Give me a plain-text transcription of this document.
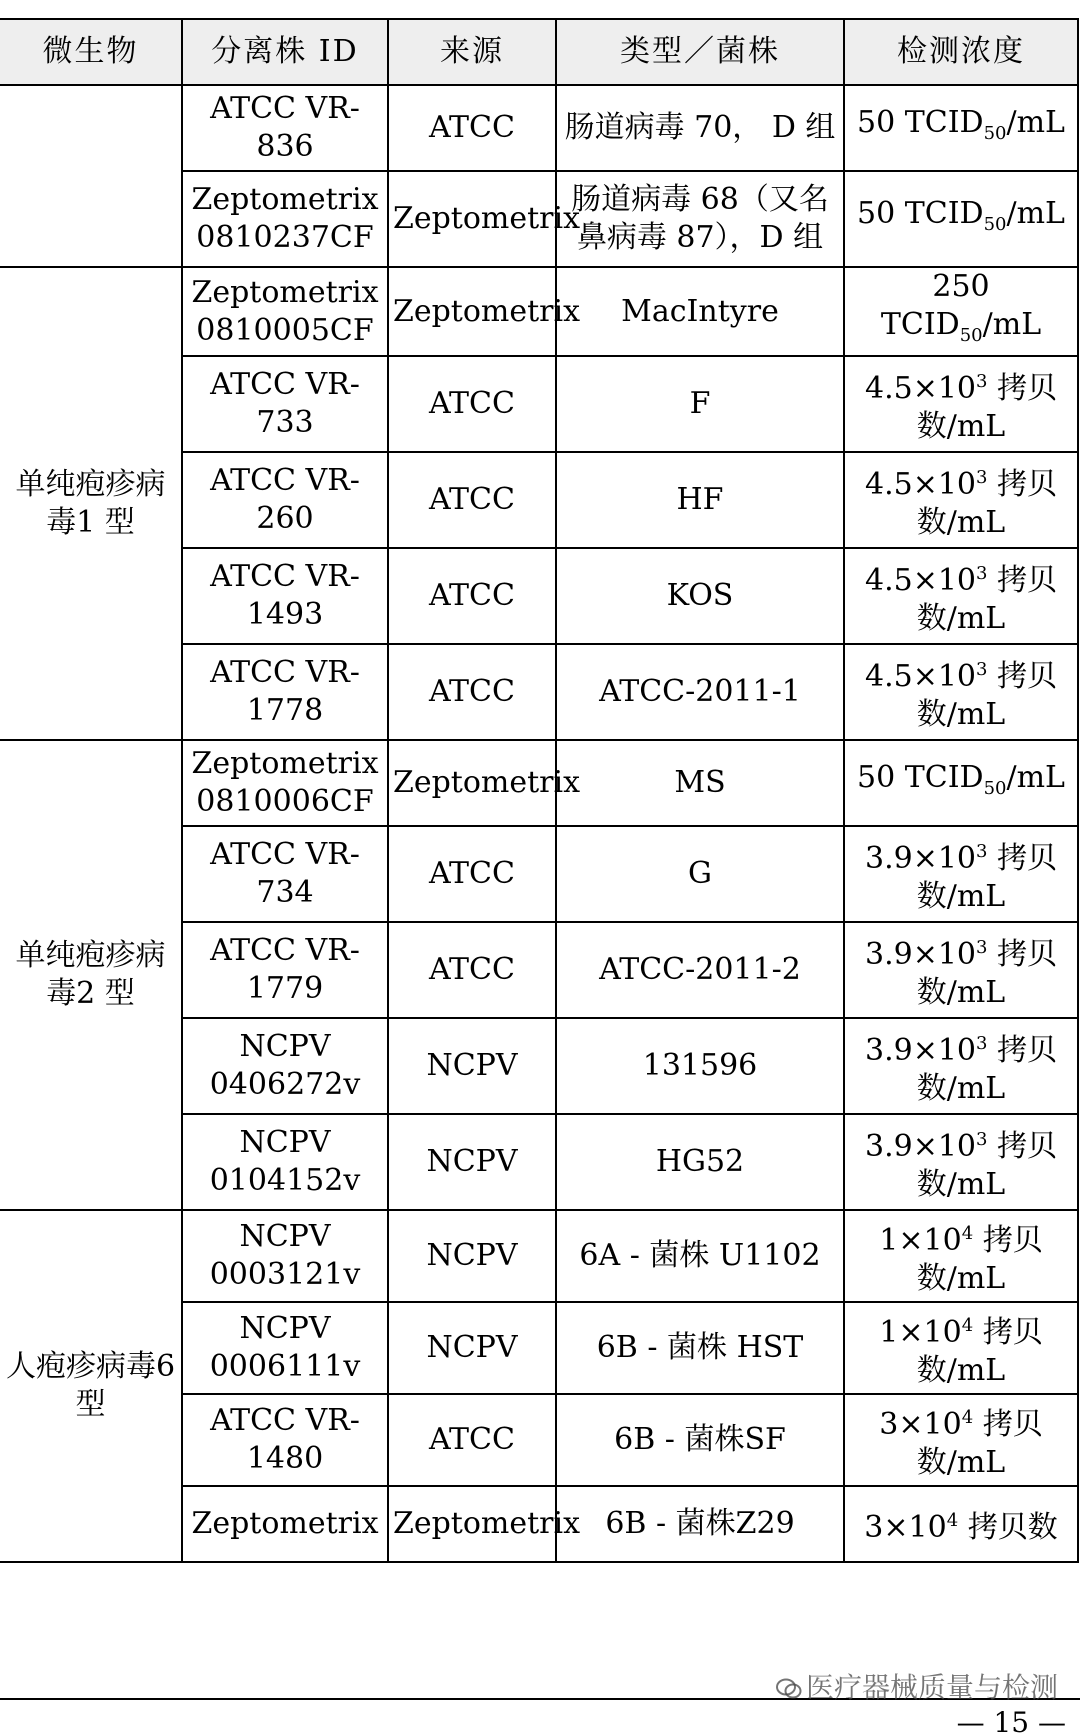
微生物	分离株 ID	来源	类型／菌株	检测浓度
	ATCC VR-836	ATCC	肠道病毒 70， D 组	50 $TCID_{50}/mL$
	Zeptometrix 0810237CF	Zeptometrix	肠道病毒 68（又名鼻病毒 87），D 组	50 $TCID_{50}/mL$
单纯疱疹病毒1 型	Zeptometrix 0810005CF	Zeptometrix	MacIntyre	250 $TCID_{50}/mL$
	ATCC VR-733	ATCC	F	$4.5\times 10^3$ 拷贝数/mL
	ATCC VR-260	ATCC	HF	$4.5\times 10^3$ 拷贝数/mL
	ATCC VR-1493	ATCC	KOS	$4.5\times 10^3$ 拷贝数/mL
	ATCC VR-1778	ATCC	ATCC-2011-1	$4.5\times 10^3$ 拷贝数/mL
单纯疱疹病毒2 型	Zeptometrix 0810006CF	Zeptometrix	MS	50 $TCID_{50}/mL$
	ATCC VR-734	ATCC	G	$3.9\times 10^3$ 拷贝数/mL
	ATCC VR-1779	ATCC	ATCC-2011-2	$3.9\times 10^3$ 拷贝数/mL
	NCPV 0406272v	NCPV	131596	$3.9\times 10^3$ 拷贝数/mL
	NCPV 0104152v	NCPV	HG52	$3.9\times 10^3$ 拷贝数/mL
人疱疹病毒6 型	NCPV 0003121v	NCPV	6A - 菌株 U1102	$1\times 10^4$ 拷贝数/mL
	NCPV 0006111v	NCPV	6B - 菌株 HST	$1\times 10^4$ 拷贝数/mL
	ATCC VR-1480	ATCC	6B - 菌株SF	$3\times 10^4$ 拷贝数/mL
	Zeptometrix	Zeptometrix	6B - 菌株Z29	$3\times 10^4$ 拷贝数
医疗器械质量与检测
— 15 —
